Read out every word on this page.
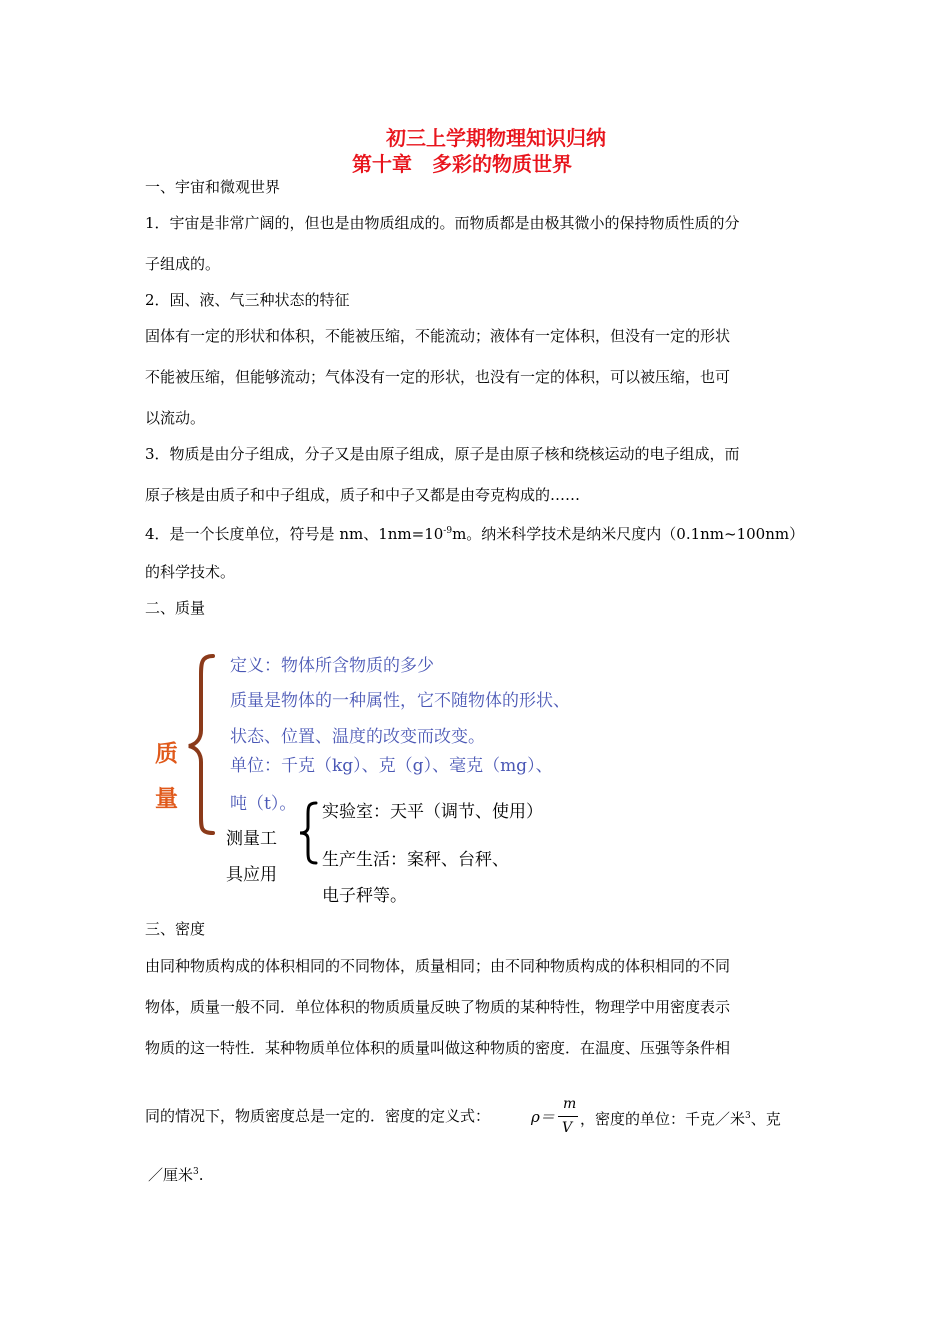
初三上学期物理知识归纳
第十章　多彩的物质世界
一、宇宙和微观世界
1．宇宙是非常广阔的，但也是由物质组成的。而物质都是由极其微小的保持物质性质的分
子组成的。
2．固、液、气三种状态的特征
固体有一定的形状和体积，不能被压缩，不能流动；液体有一定体积，但没有一定的形状
不能被压缩，但能够流动；气体没有一定的形状，也没有一定的体积，可以被压缩，也可
以流动。
3．物质是由分子组成，分子又是由原子组成，原子是由原子核和绕核运动的电子组成，而
原子核是由质子和中子组成，质子和中子又都是由夸克构成的……
4．是一个长度单位，符号是 nm、$1nm=10^{-9}m$。纳米科学技术是纳米尺度内（0.1nm~100nm）
的科学技术。
二、质量
质
量
定义：物体所含物质的多少
质量是物体的一种属性，它不随物体的形状、
状态、位置、温度的改变而改变。
单位：千克（kg）、克（g）、毫克（mg）、
吨（t）。
测量工
具应用
实验室：天平（调节、使用）
生产生活：案秤、台秤、
电子秤等。
三、密度
由同种物质构成的体积相同的不同物体，质量相同；由不同种物质构成的体积相同的不同
物体，质量一般不同．单位体积的物质质量反映了物质的某种特性，物理学中用密度表示
物质的这一特性．某种物质单位体积的质量叫做这种物质的密度．在温度、压强等条件相
同的情况下，物质密度总是一定的．密度的定义式：	ρ＝
m
V ，密度的单位：千克／米$^3$、克
／厘米$^3$.
